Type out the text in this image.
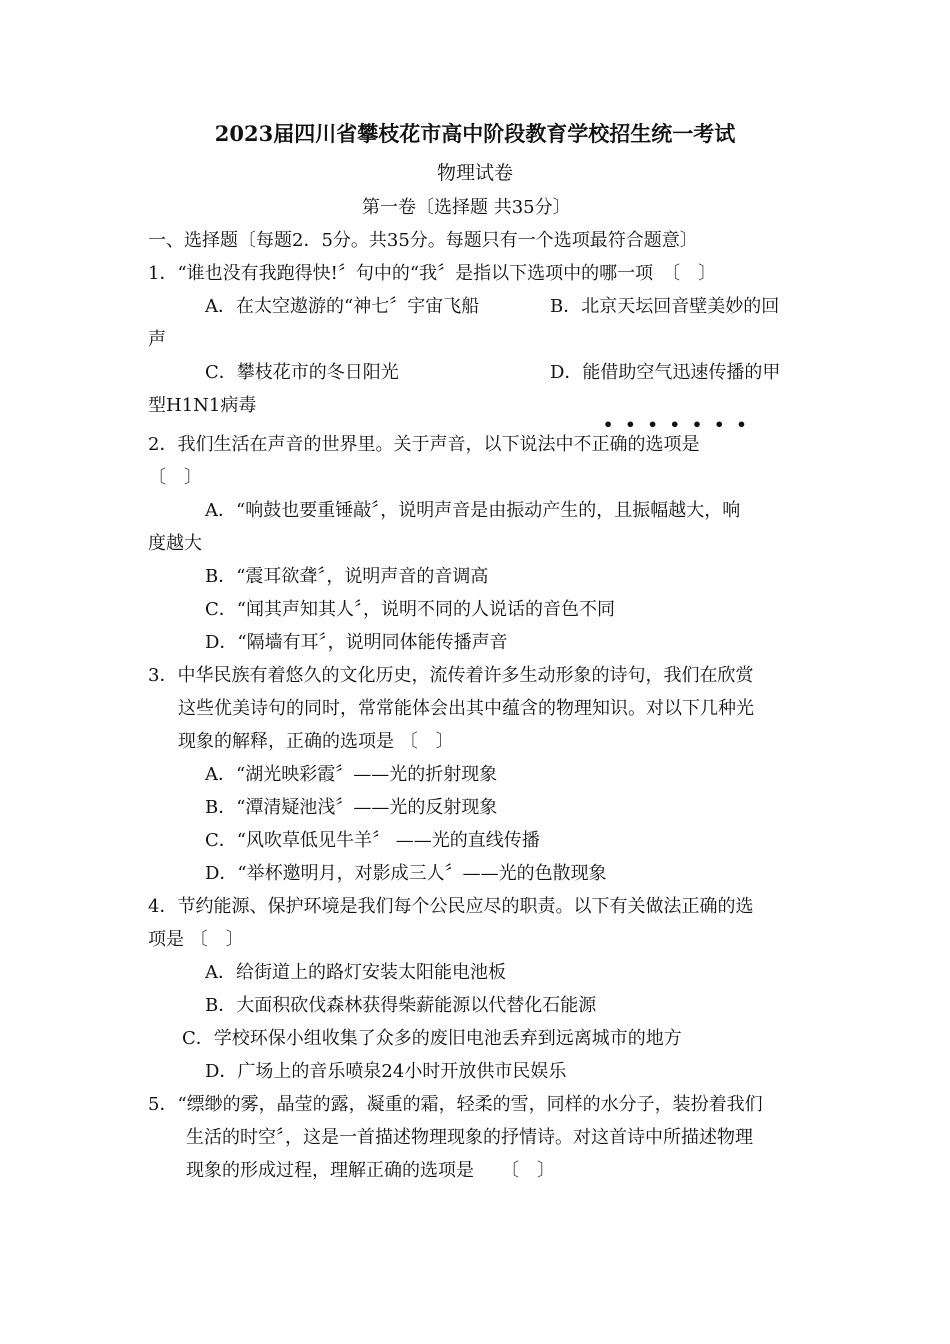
2023届四川省攀枝花市高中阶段教育学校招生统一考试
物理试卷
第一卷〔选择题 共35分〕
一、选择题〔每题2．5分。共35分。每题只有一个选项最符合题意〕
1．“谁也没有我跑得快!〞句中的“我〞是指以下选项中的哪一项　〔　〕
A．在太空遨游的“神七〞宇宙飞船	B．北京天坛回音壁美妙的回
声
C．攀枝花市的冬日阳光	D．能借助空气迅速传播的甲
型H1N1病毒
•••••••
2．我们生活在声音的世界里。关于声音，以下说法中不正确的选项是
〔　〕
A．“响鼓也要重锤敲〞，说明声音是由振动产生的，且振幅越大，响
度越大
B．“震耳欲聋〞，说明声音的音调高
C．“闻其声知其人〞，说明不同的人说话的音色不同
D．“隔墙有耳〞，说明同体能传播声音
3．中华民族有着悠久的文化历史，流传着许多生动形象的诗句，我们在欣赏
这些优美诗句的同时，常常能体会出其中蕴含的物理知识。对以下几种光
现象的解释，正确的选项是 〔　〕
A．“湖光映彩霞〞——光的折射现象
B．“潭清疑池浅〞——光的反射现象
C．“风吹草低见牛羊〞 ——光的直线传播
D．“举杯邀明月，对影成三人〞——光的色散现象
4．节约能源、保护环境是我们每个公民应尽的职责。以下有关做法正确的选
项是 〔　〕
A．给街道上的路灯安装太阳能电池板
B．大面积砍伐森林获得柴薪能源以代替化石能源
C．学校环保小组收集了众多的废旧电池丢弃到远离城市的地方
D．广场上的音乐喷泉24小时开放供市民娱乐
5．“缥缈的雾，晶莹的露，凝重的霜，轻柔的雪，同样的水分子，装扮着我们
生活的时空〞，这是一首描述物理现象的抒情诗。对这首诗中所描述物理
现象的形成过程，理解正确的选项是　　〔　〕
